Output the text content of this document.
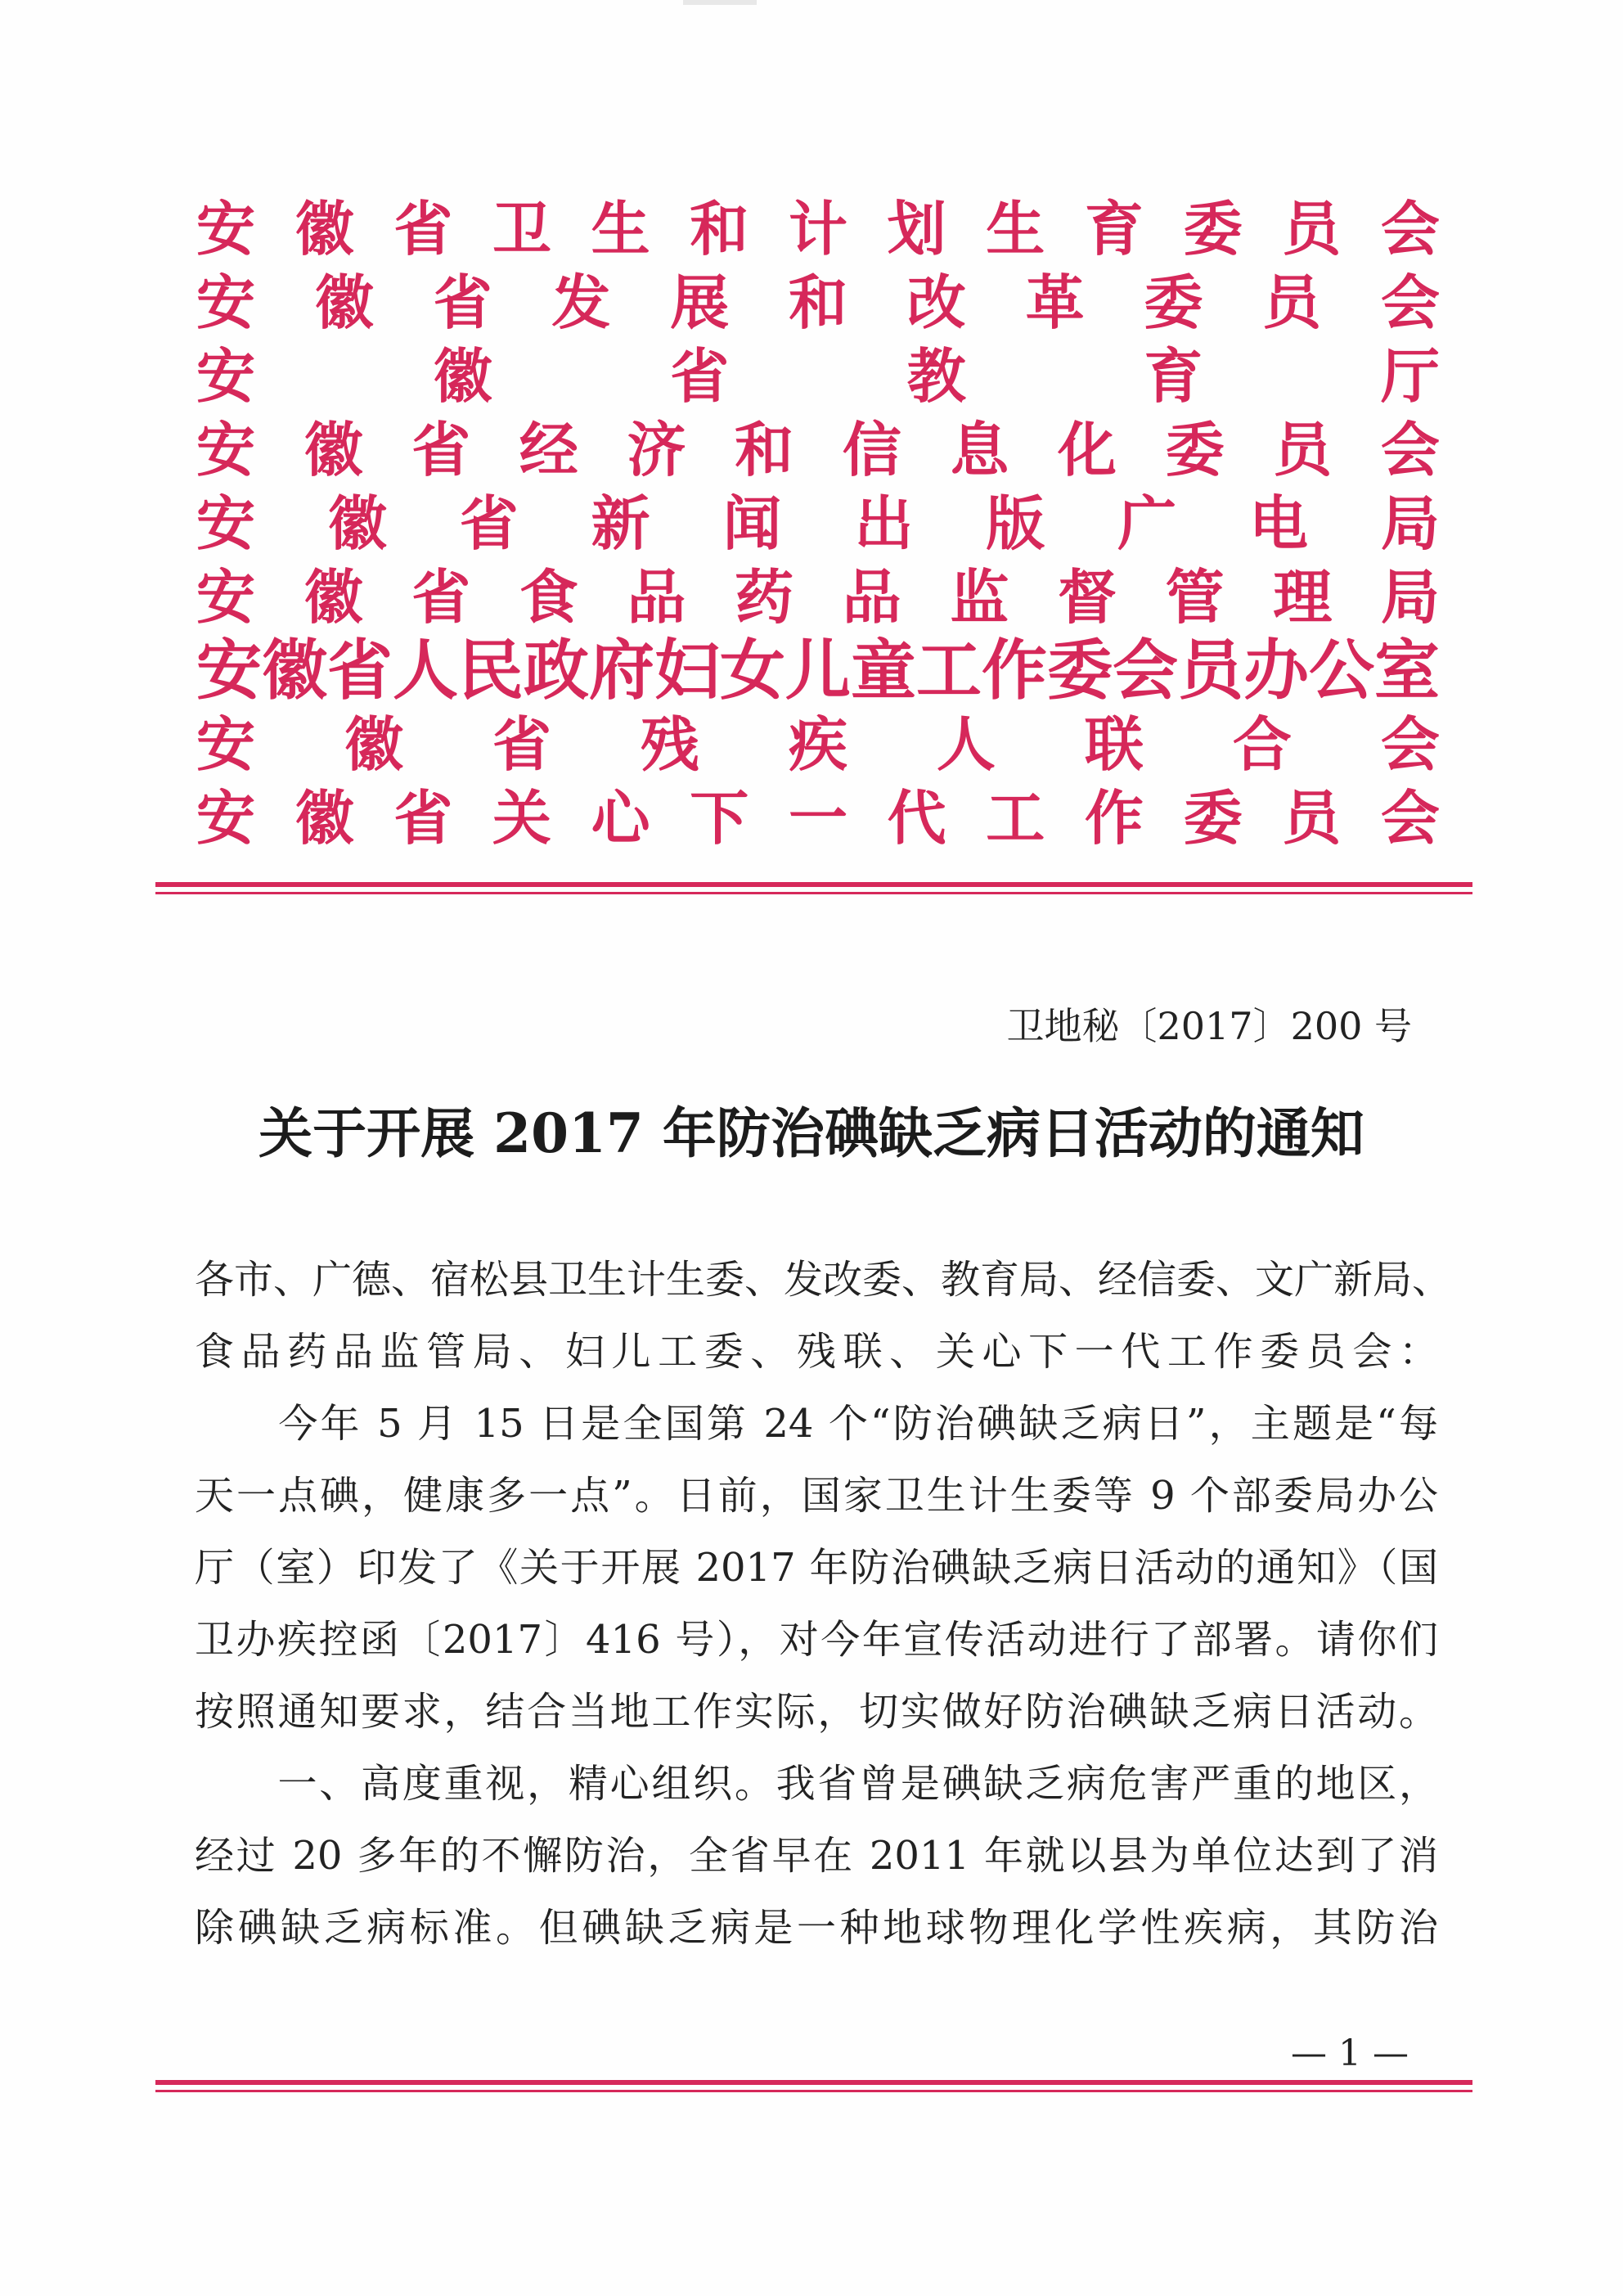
安 徽 省 卫 生 和 计 划 生 育 委 员 会
安 徽 省 发 展 和 改 革 委 员 会
安	徽	省	教	育	厅
安 徽 省 经 济 和 信 息 化 委 员 会
安 徽 省 新 闻 出 版 广 电 局
安 徽 省 食 品 药 品 监 督 管 理 局
安 徽 省 人 民 政 府 妇 女 儿 童 工 作 委 会 员 办 公 室
安 徽 省 残 疾 人 联 合 会
安 徽 省 关 心 下 一 代 工 作 委 员 会
卫地秘〔2017〕200 号
关于开展 2017 年防治碘缺乏病日活动的通知
各市、广德、宿松县卫生计生委、发改委、教育局、经信委、文广新局、
食品药品监管局、妇儿工委、残联、关心下一代工作委员会：
　　今年 5 月 15 日是全国第 24 个“防治碘缺乏病日”，主题是“每
天一点碘，健康多一点”。日前，国家卫生计生委等 9 个部委局办公
厅（室）印发了《关于开展 2017 年防治碘缺乏病日活动的通知》（国
卫办疾控函〔2017〕416 号），对今年宣传活动进行了部署。请你们
按照通知要求，结合当地工作实际，切实做好防治碘缺乏病日活动。
　　一、高度重视，精心组织。我省曾是碘缺乏病危害严重的地区，
经过 20 多年的不懈防治，全省早在 2011 年就以县为单位达到了消
除碘缺乏病标准。但碘缺乏病是一种地球物理化学性疾病，其防治
— 1 —
